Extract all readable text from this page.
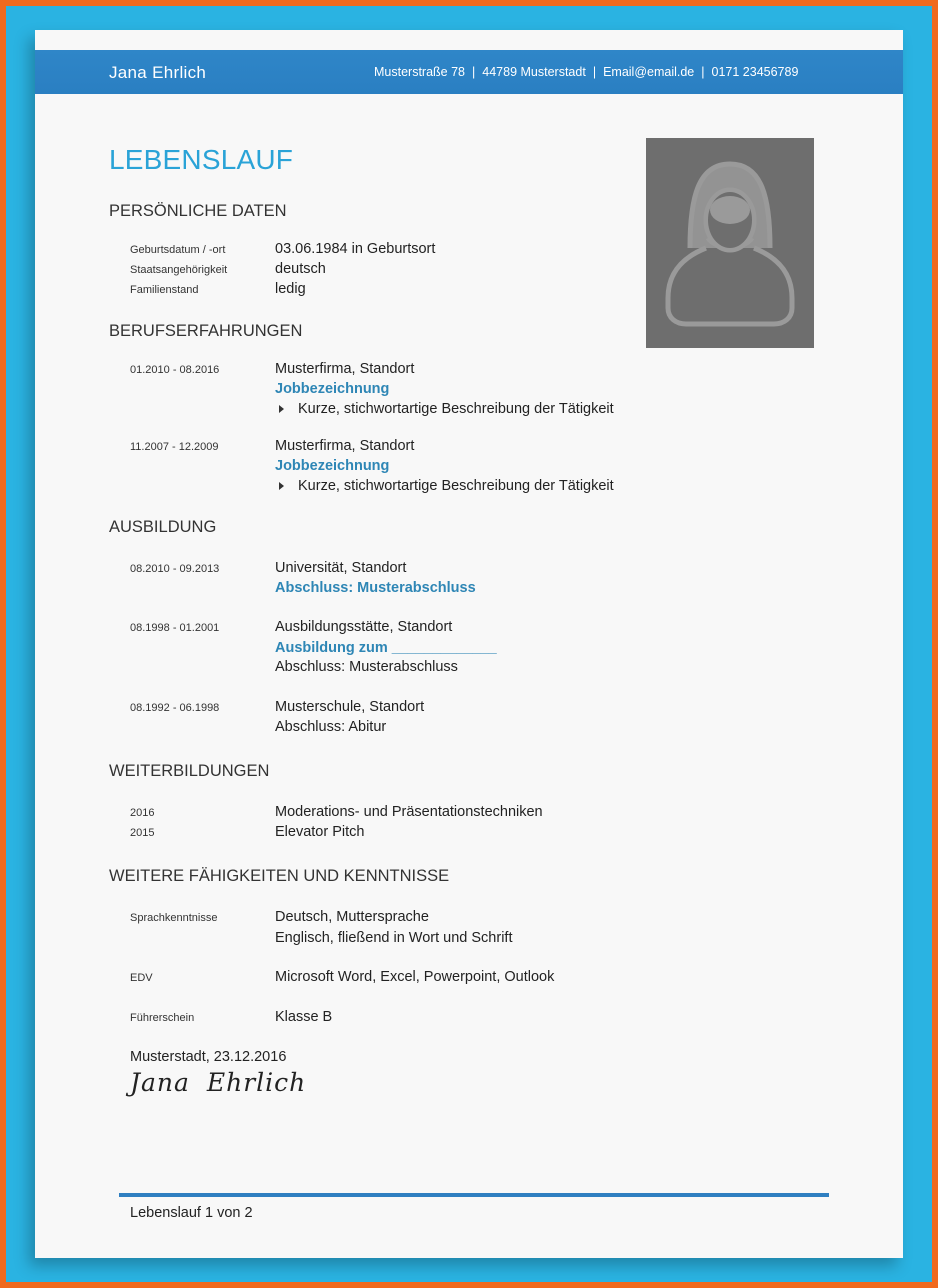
Jana Ehrlich	Musterstraße 78 | 44789 Musterstadt | Email@email.de | 0171 23456789
LEBENSLAUF
PERSÖNLICHE DATEN
Geburtsdatum / -ort	03.06.1984 in Geburtsort
Staatsangehörigkeit	deutsch
Familienstand	ledig
BERUFSERFAHRUNGEN
01.2010 - 08.2016	Musterfirma, Standort
Jobbezeichnung
Kurze, stichwortartige Beschreibung der Tätigkeit
11.2007 - 12.2009	Musterfirma, Standort
Jobbezeichnung
Kurze, stichwortartige Beschreibung der Tätigkeit
AUSBILDUNG
08.2010 - 09.2013	Universität, Standort
Abschluss: Musterabschluss
08.1998 - 01.2001	Ausbildungsstätte, Standort
Ausbildung zum _____________
Abschluss: Musterabschluss
08.1992 - 06.1998	Musterschule, Standort
Abschluss: Abitur
WEITERBILDUNGEN
2016	Moderations- und Präsentationstechniken
2015	Elevator Pitch
WEITERE FÄHIGKEITEN UND KENNTNISSE
Sprachkenntnisse	Deutsch, Muttersprache
Englisch, fließend in Wort und Schrift
EDV	Microsoft Word, Excel, Powerpoint, Outlook
Führerschein	Klasse B
Musterstadt, 23.12.2016
Jana Ehrlich
Lebenslauf 1 von 2
